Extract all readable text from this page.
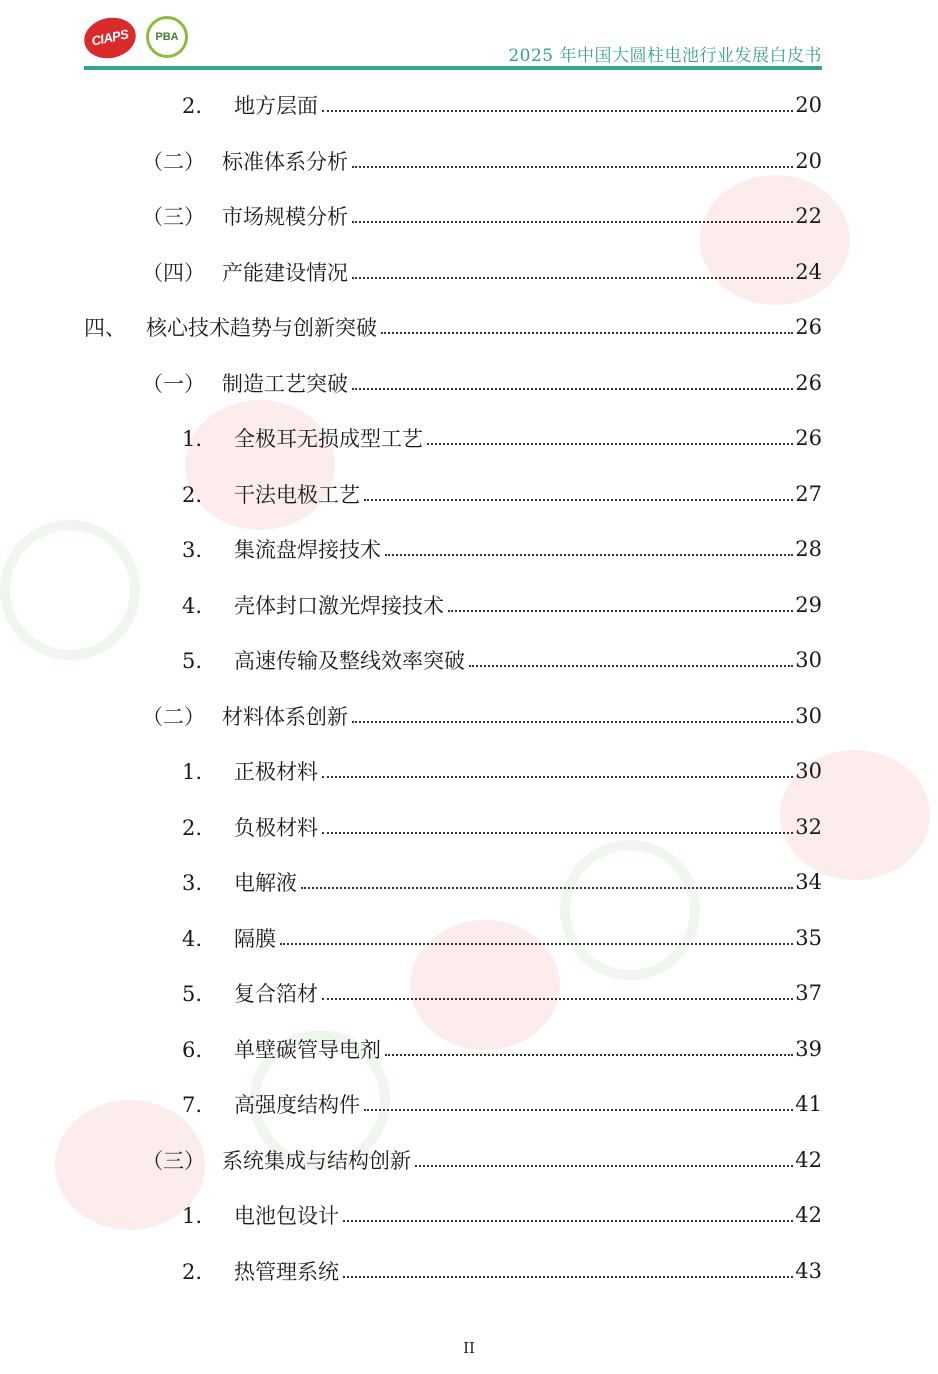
CIAPS	PBA
2025 年中国大圆柱电池行业发展白皮书
2. 地方层面	20
（二） 标准体系分析	20
（三） 市场规模分析	22
（四） 产能建设情况	24
四、 核心技术趋势与创新突破	26
（一） 制造工艺突破	26
1. 全极耳无损成型工艺	26
2. 干法电极工艺	27
3. 集流盘焊接技术	28
4. 壳体封口激光焊接技术	29
5. 高速传输及整线效率突破	30
（二） 材料体系创新	30
1. 正极材料	30
2. 负极材料	32
3. 电解液	34
4. 隔膜	35
5. 复合箔材	37
6. 单壁碳管导电剂	39
7. 高强度结构件	41
（三） 系统集成与结构创新	42
1. 电池包设计	42
2. 热管理系统	43
II
